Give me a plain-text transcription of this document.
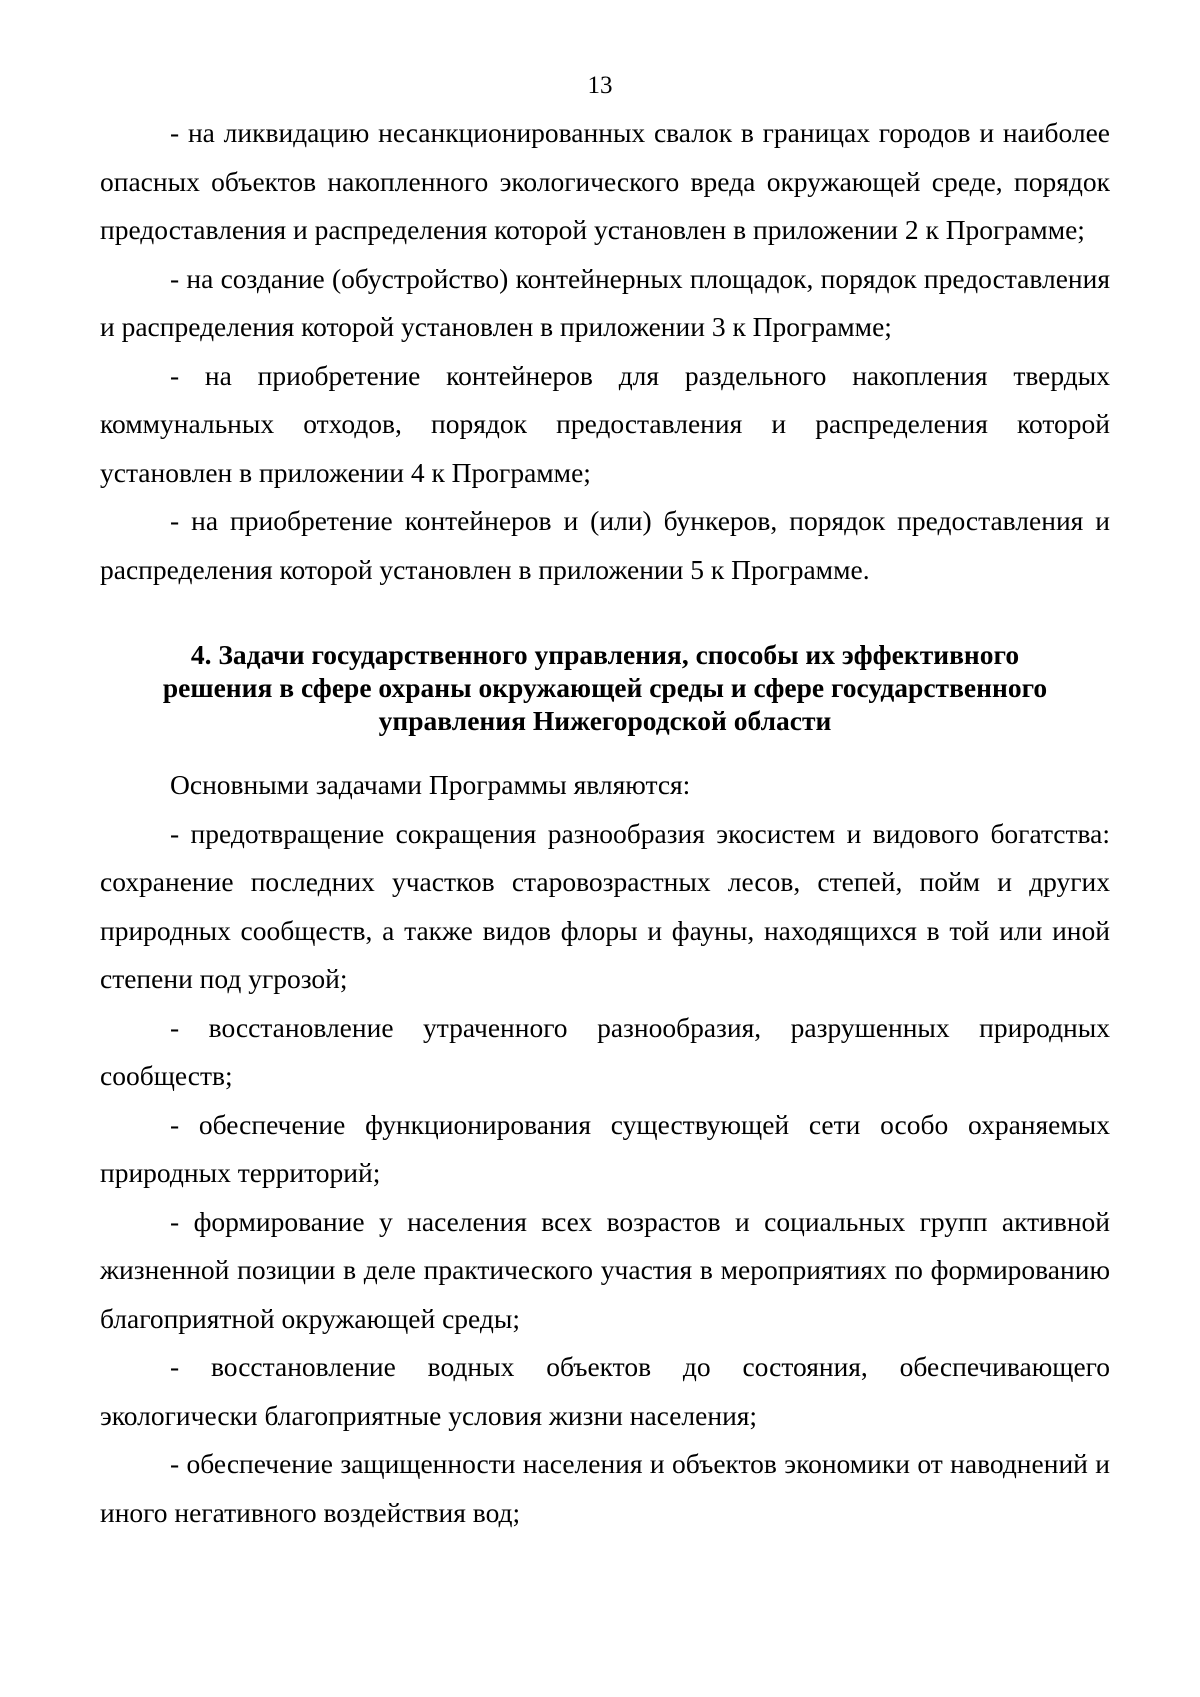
13

- на ликвидацию несанкционированных свалок в границах городов и наиболее опасных объектов накопленного экологического вреда окружающей среде, порядок предоставления и распределения которой установлен в приложении 2 к Программе;

- на создание (обустройство) контейнерных площадок, порядок предоставления и распределения которой установлен в приложении 3 к Программе;

- на приобретение контейнеров для раздельного накопления твердых коммунальных отходов, порядок предоставления и распределения которой установлен в приложении 4 к Программе;

- на приобретение контейнеров и (или) бункеров, порядок предоставления и распределения которой установлен в приложении 5 к Программе.

4. Задачи государственного управления, способы их эффективного
решения в сфере охраны окружающей среды и сфере государственного
управления Нижегородской области

Основными задачами Программы являются:

- предотвращение сокращения разнообразия экосистем и видового богатства: сохранение последних участков старовозрастных лесов, степей, пойм и других природных сообществ, а также видов флоры и фауны, находящихся в той или иной степени под угрозой;

- восстановление утраченного разнообразия, разрушенных природных сообществ;

- обеспечение функционирования существующей сети особо охраняемых природных территорий;

- формирование у населения всех возрастов и социальных групп активной жизненной позиции в деле практического участия в мероприятиях по формированию благоприятной окружающей среды;

- восстановление водных объектов до состояния, обеспечивающего экологически благоприятные условия жизни населения;

- обеспечение защищенности населения и объектов экономики от наводнений и иного негативного воздействия вод;
